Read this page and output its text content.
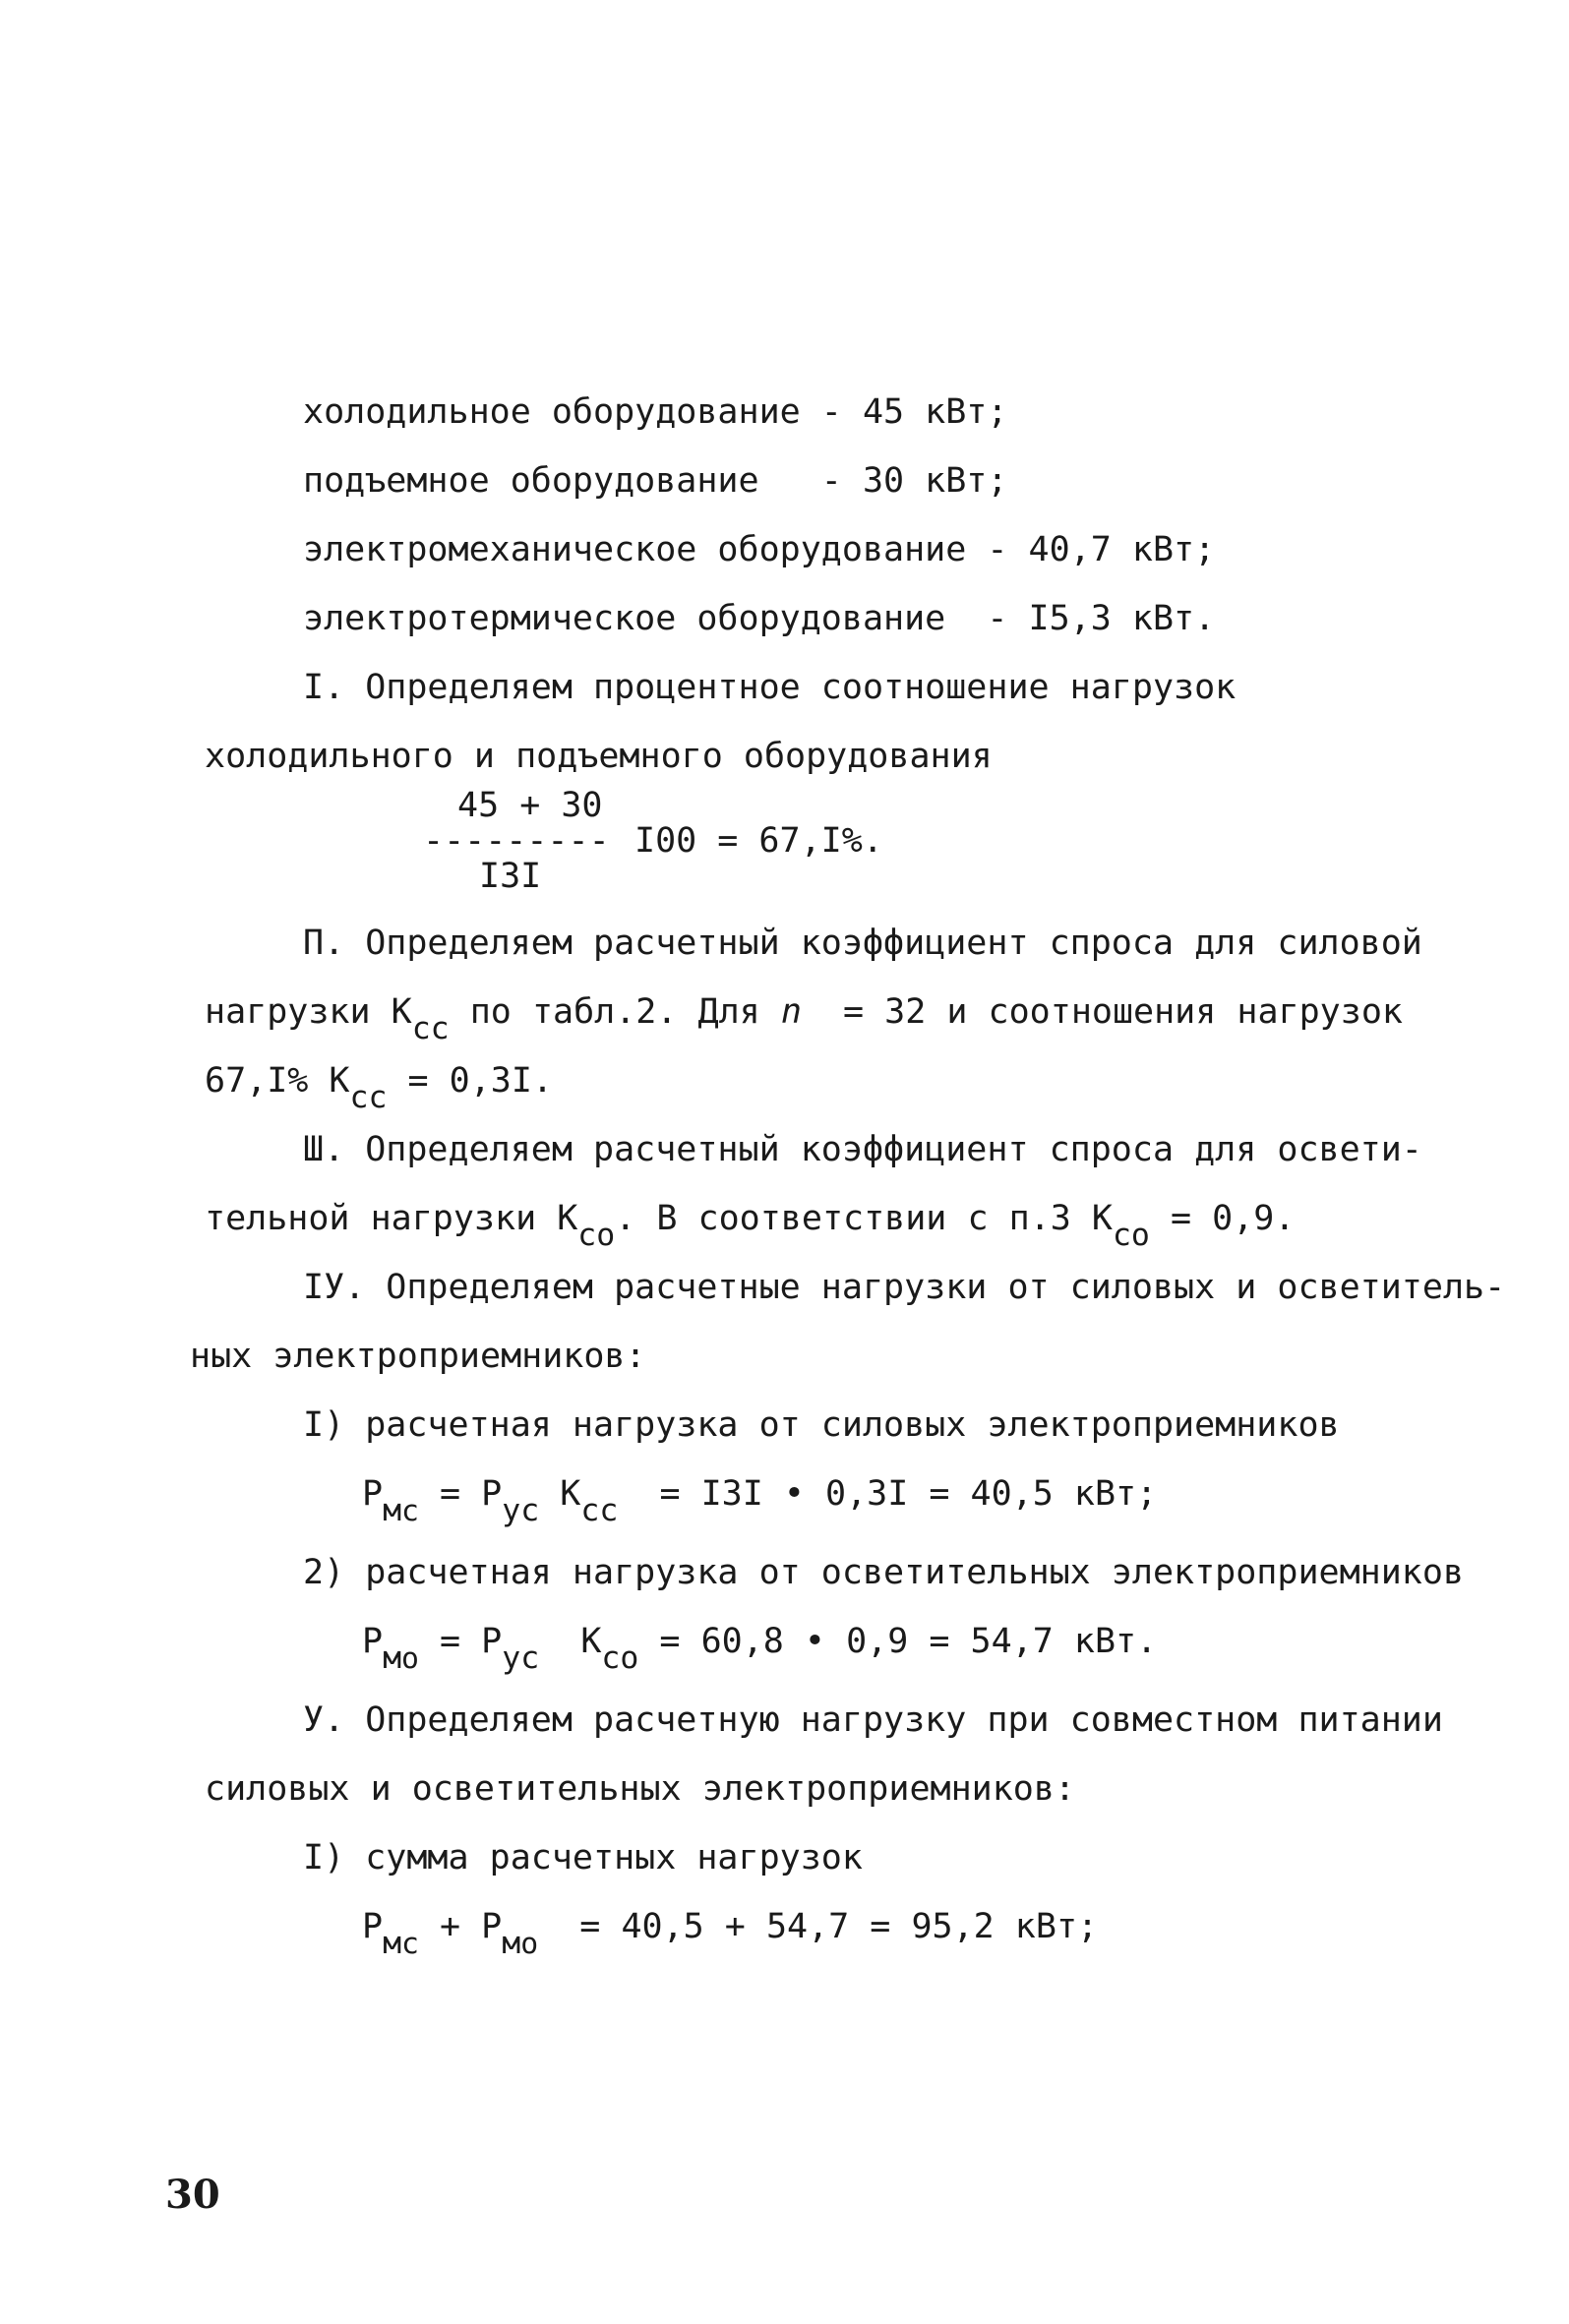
холодильное оборудование - 45 кВт;
подъемное оборудование   - 30 кВт;
электромеханическое оборудование - 40,7 кВт;
электротермическое оборудование  - I5,3 кВт.
I. Определяем процентное соотношение нагрузок
холодильного и подъемного оборудования
45 + 30
--------- I00 = 67,I%.
I3I
П. Определяем расчетный коэффициент спроса для силовой
нагрузки Ксс по табл.2. Для n  = 32 и соотношения нагрузок
67,I% Ксс = 0,3I.
Ш. Определяем расчетный коэффициент спроса для освети-
тельной нагрузки Ксо. В соответствии с п.3 Ксо = 0,9.
IУ. Определяем расчетные нагрузки от силовых и осветитель-
ных электроприемников:
I) расчетная нагрузка от силовых электроприемников
$Рм_с$ = Рус Ксс  = I3I • 0,3I = 40,5 кВт;
2) расчетная нагрузка от осветительных электроприемников
$Рм_о$ = Рус  Ксо = 60,8 • 0,9 = 54,7 кВт.
У. Определяем расчетную нагрузку при совместном питании
силовых и осветительных электроприемников:
I) сумма расчетных нагрузок
$Рм_с + Рм_о = 40,5 + 54,7 = 95,2$ кВт;
30
